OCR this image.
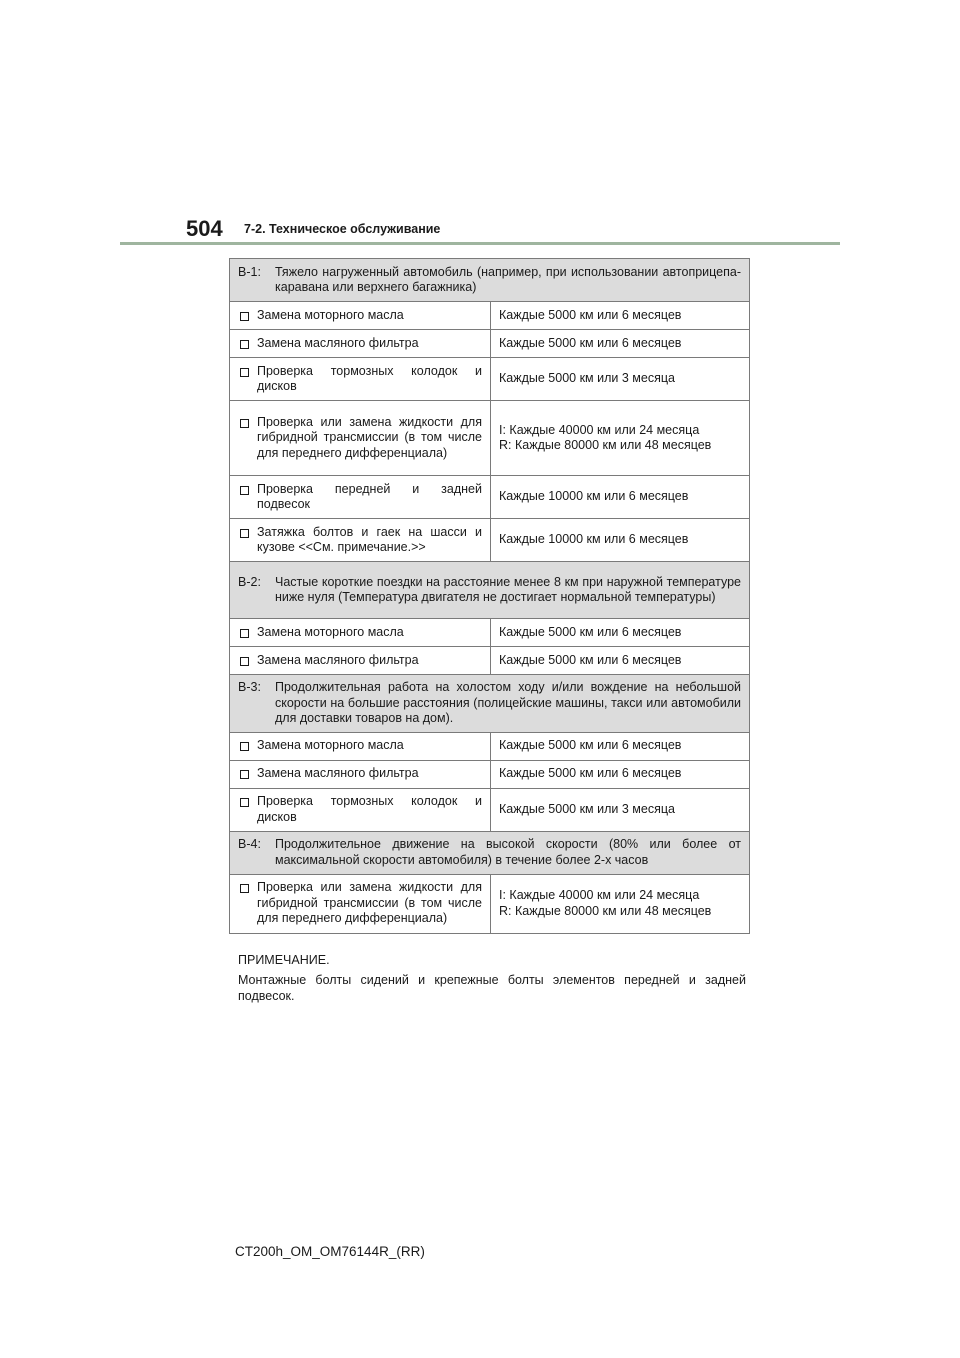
504 7-2. Техническое обслуживание
B-1: Тяжело нагруженный автомобиль (например, при использовании автоприцепа-каравана или верхнего багажника)	

Замена моторного масла	Каждые 5000 км или 6 месяцев

Замена масляного фильтра	Каждые 5000 км или 6 месяцев

Проверка тормозных колодок и дисков	Каждые 5000 км или 3 месяца

Проверка или замена жидкости для гибридной трансмиссии (в том числе для переднего дифференциала)	I: Каждые 40000 км или 24 месяца
R: Каждые 80000 км или 48 месяцев

Проверка передней и задней подвесок	Каждые 10000 км или 6 месяцев

Затяжка болтов и гаек на шасси и кузове <<См. примечание.>>	Каждые 10000 км или 6 месяцев

B-2: Частые короткие поездки на расстояние менее 8 км при наружной температуре ниже нуля (Температура двигателя не достигает нормальной температуры)	

Замена моторного масла	Каждые 5000 км или 6 месяцев

Замена масляного фильтра	Каждые 5000 км или 6 месяцев

B-3: Продолжительная работа на холостом ходу и/или вождение на небольшой скорости на большие расстояния (полицейские машины, такси или автомобили для доставки товаров на дом).	

Замена моторного масла	Каждые 5000 км или 6 месяцев

Замена масляного фильтра	Каждые 5000 км или 6 месяцев

Проверка тормозных колодок и дисков	Каждые 5000 км или 3 месяца

B-4: Продолжительное движение на высокой скорости (80% или более от максимальной скорости автомобиля) в течение более 2-х часов	

Проверка или замена жидкости для гибридной трансмиссии (в том числе для переднего дифференциала)	I: Каждые 40000 км или 24 месяца
R: Каждые 80000 км или 48 месяцев
ПРИМЕЧАНИЕ.
Монтажные болты сидений и крепежные болты элементов передней и задней подвесок.
CT200h_OM_OM76144R_(RR)
